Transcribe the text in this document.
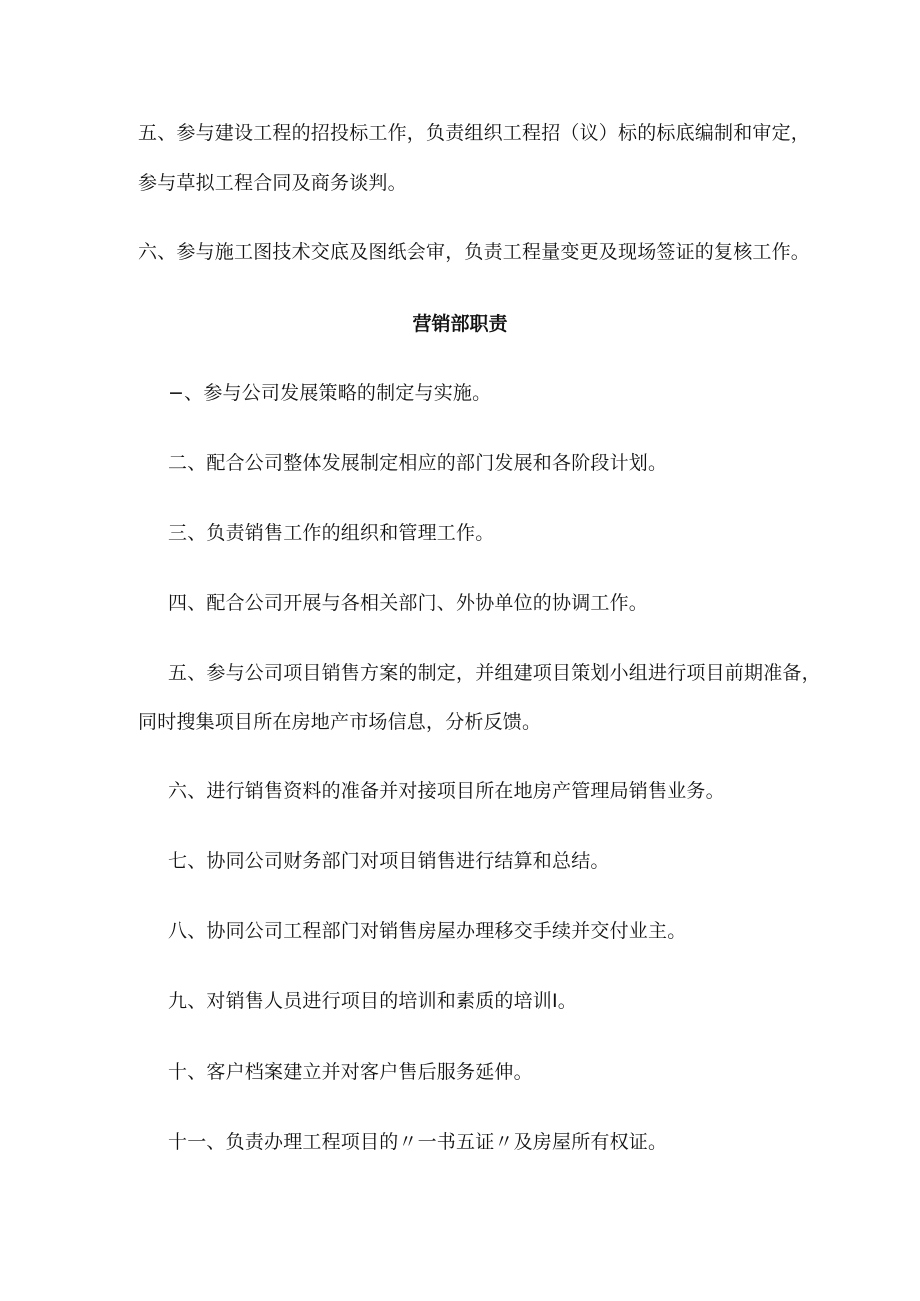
五、参与建设工程的招投标工作，负责组织工程招（议）标的标底编制和审定，
参与草拟工程合同及商务谈判。
六、参与施工图技术交底及图纸会审，负责工程量变更及现场签证的复核工作。
营销部职责
−、参与公司发展策略的制定与实施。
二、配合公司整体发展制定相应的部门发展和各阶段计划。
三、负责销售工作的组织和管理工作。
四、配合公司开展与各相关部门、外协单位的协调工作。
五、参与公司项目销售方案的制定，并组建项目策划小组进行项目前期准备，
同时搜集项目所在房地产市场信息，分析反馈。
六、进行销售资料的准备并对接项目所在地房产管理局销售业务。
七、协同公司财务部门对项目销售进行结算和总结。
八、协同公司工程部门对销售房屋办理移交手续并交付业主。
九、对销售人员进行项目的培训和素质的培训Ⅰ。
十、客户档案建立并对客户售后服务延伸。
十一、负责办理工程项目的〃一书五证〃及房屋所有权证。
